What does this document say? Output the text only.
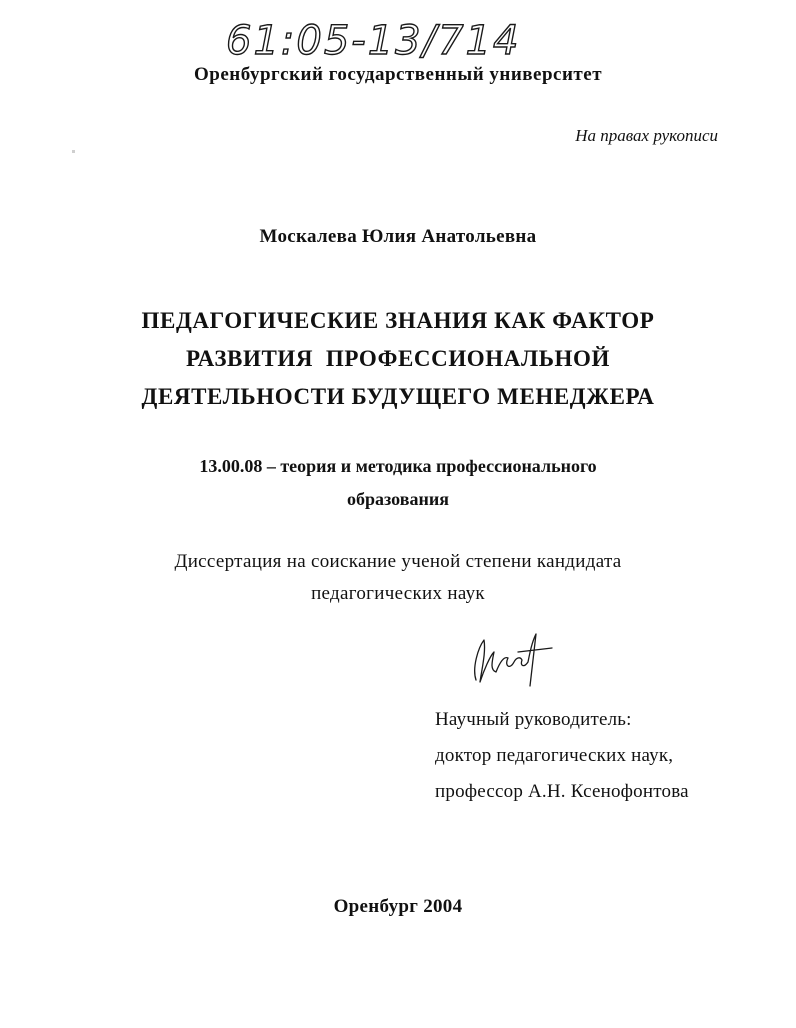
61:05-13/714
Оренбургский государственный университет
На правах рукописи
Москалева Юлия Анатольевна
ПЕДАГОГИЧЕСКИЕ ЗНАНИЯ КАК ФАКТОР
РАЗВИТИЯ  ПРОФЕССИОНАЛЬНОЙ
ДЕЯТЕЛЬНОСТИ БУДУЩЕГО МЕНЕДЖЕРА
13.00.08 – теория и методика профессионального
образования
Диссертация на соискание ученой степени кандидата
педагогических наук
Научный руководитель:
доктор педагогических наук,
профессор А.Н. Ксенофонтова
Оренбург 2004
